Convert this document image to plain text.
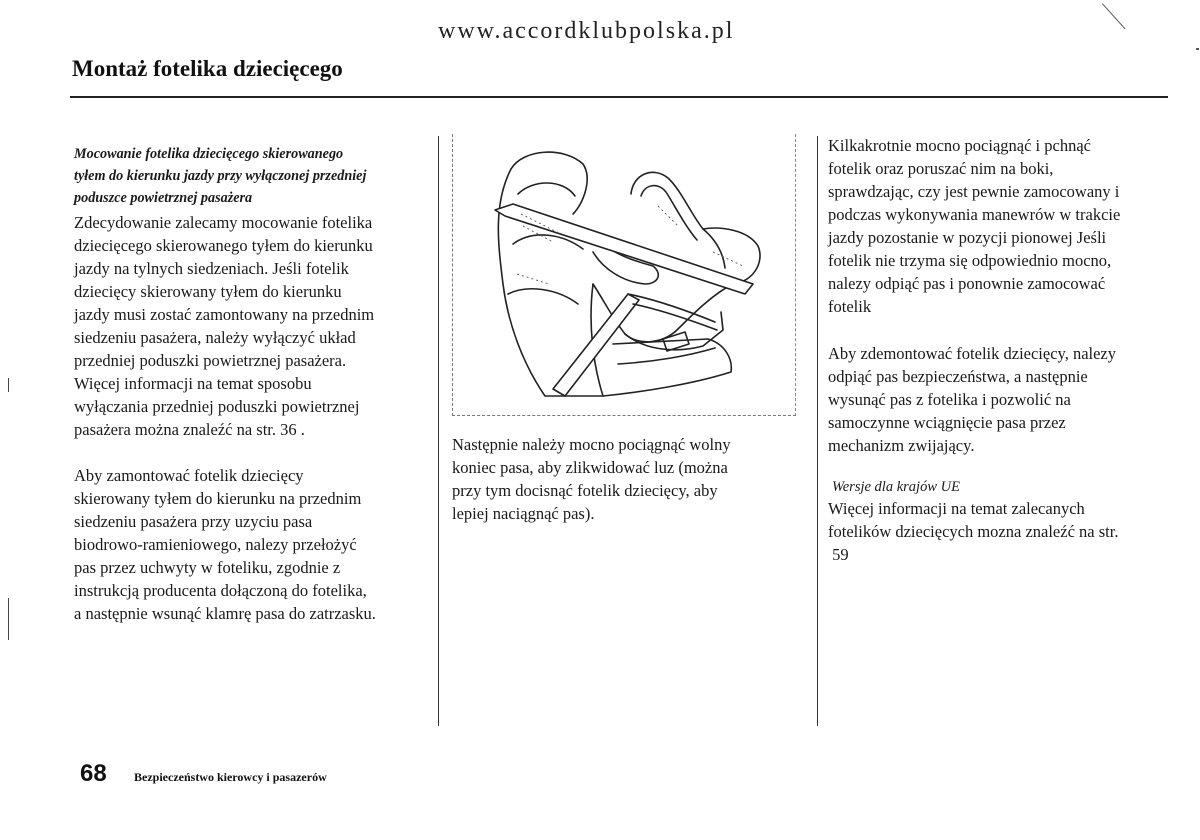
www.accordklubpolska.pl
Montaż fotelika dziecięcego

Mocowanie fotelika dziecięcego skierowanego

tyłem do kierunku jazdy przy wyłączonej przedniej

poduszce powietrznej pasażera

Zdecydowanie zalecamy mocowanie fotelika

dziecięcego skierowanego tyłem do kierunku

jazdy na tylnych siedzeniach. Jeśli fotelik

dziecięcy skierowany tyłem do kierunku

jazdy musi zostać zamontowany na przednim

siedzeniu pasażera, należy wyłączyć układ

przedniej poduszki powietrznej pasażera.

Więcej informacji na temat sposobu

wyłączania przedniej poduszki powietrznej

pasażera można znaleźć na str. 36 .

Aby zamontować fotelik dziecięcy

skierowany tyłem do kierunku na przednim

siedzeniu pasażera przy uzyciu pasa

biodrowo-ramieniowego, nalezy przełożyć

pas przez uchwyty w foteliku, zgodnie z

instrukcją producenta dołączoną do fotelika,

a następnie wsunąć klamrę pasa do zatrzasku.

Następnie należy mocno pociągnąć wolny

koniec pasa, aby zlikwidować luz (można

przy tym docisnąć fotelik dziecięcy, aby

lepiej naciągnąć pas).

Kilkakrotnie mocno pociągnąć i pchnąć

fotelik oraz poruszać nim na boki,

sprawdzając, czy jest pewnie zamocowany i

podczas wykonywania manewrów w trakcie

jazdy pozostanie w pozycji pionowej Jeśli

fotelik nie trzyma się odpowiednio mocno,

nalezy odpiąć pas i ponownie zamocować

fotelik

Aby zdemontować fotelik dziecięcy, nalezy

odpiąć pas bezpieczeństwa, a następnie

wysunąć pas z fotelika i pozwolić na

samoczynne wciągnięcie pasa przez

mechanizm zwijający.

Wersje dla krajów UE

Więcej informacji na temat zalecanych

fotelików dziecięcych mozna znaleźć na str.

59

68 Bezpieczeństwo kierowcy i pasazerów
